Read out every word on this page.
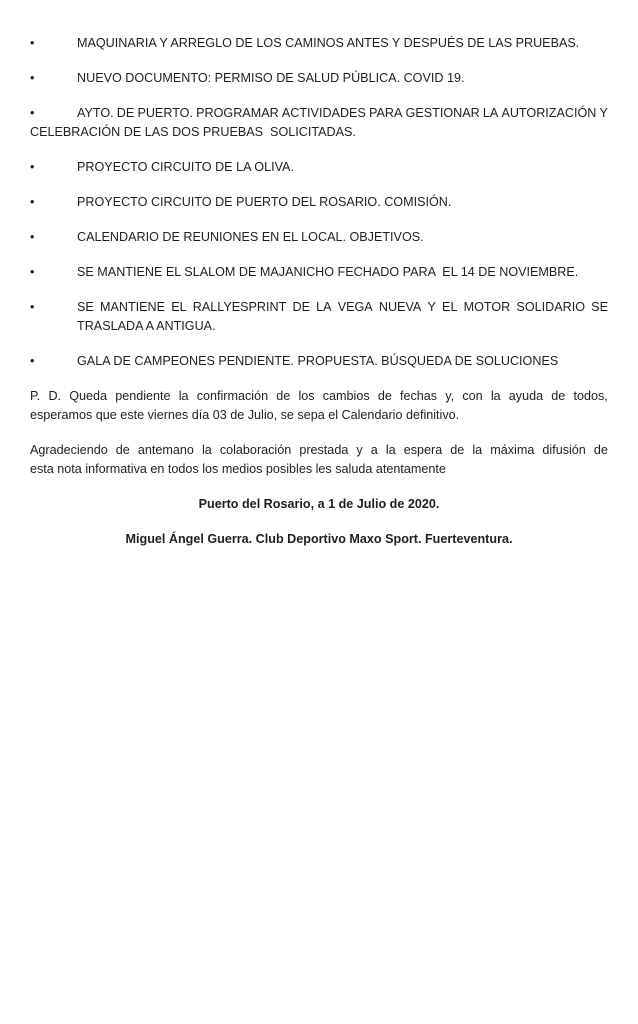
•	MAQUINARIA Y ARREGLO DE LOS CAMINOS ANTES Y DESPUÉS DE LAS PRUEBAS.
•	NUEVO DOCUMENTO: PERMISO DE SALUD PÚBLICA. COVID 19.
•	AYTO. DE PUERTO. PROGRAMAR ACTIVIDADES PARA GESTIONAR LA AUTORIZACIÓN Y
CELEBRACIÓN DE LAS DOS PRUEBAS  SOLICITADAS.
•	PROYECTO CIRCUITO DE LA OLIVA.
•	PROYECTO CIRCUITO DE PUERTO DEL ROSARIO. COMISIÓN.
•	CALENDARIO DE REUNIONES EN EL LOCAL. OBJETIVOS.
•	SE MANTIENE EL SLALOM DE MAJANICHO FECHADO PARA  EL 14 DE NOVIEMBRE.
•	SE MANTIENE EL RALLYESPRINT DE LA VEGA NUEVA Y EL MOTOR SOLIDARIO SE
TRASLADA A ANTIGUA.
•	GALA DE CAMPEONES PENDIENTE. PROPUESTA. BÚSQUEDA DE SOLUCIONES
P. D. Queda pendiente la confirmación de los cambios de fechas y, con la ayuda de todos,
esperamos que este viernes día 03 de Julio, se sepa el Calendario definitivo.
Agradeciendo de antemano la colaboración prestada y a la espera de la máxima difusión de
esta nota informativa en todos los medios posibles les saluda atentamente
Puerto del Rosario, a 1 de Julio de 2020.
Miguel Ángel Guerra. Club Deportivo Maxo Sport. Fuerteventura.
